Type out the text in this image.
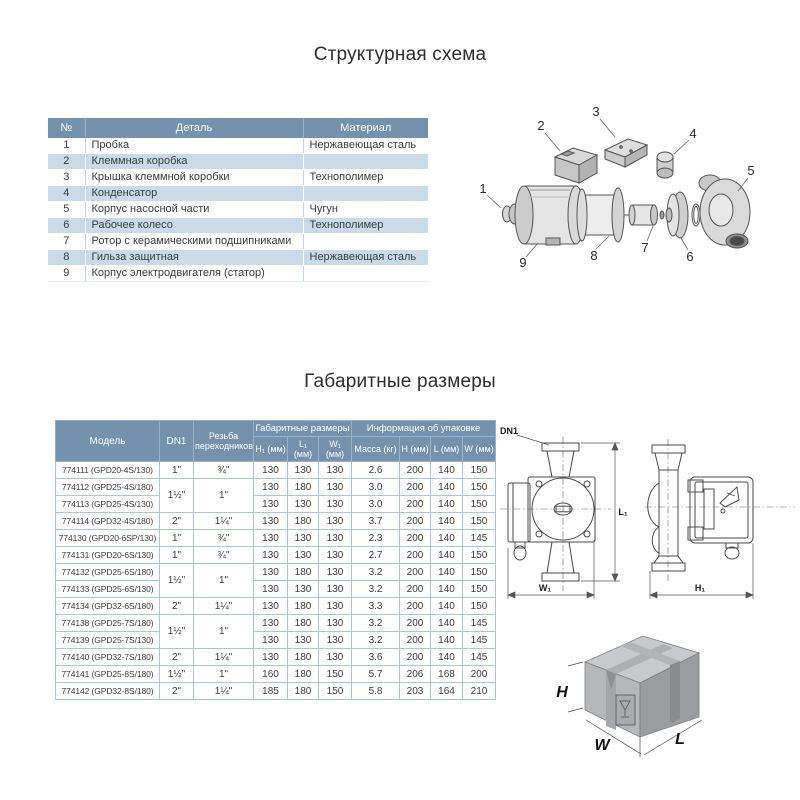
Структурная схема
№	Деталь	Материал
1	Пробка	Нержавеющая сталь
2	Клеммная коробка	
3	Крышка клеммной коробки	Технополимер
4	Конденсатор	
5	Корпус насосной части	Чугун
6	Рабочее колесо	Технополимер
7	Ротор с керамическими подшипниками	
8	Гильза защитная	Нержавеющая сталь
9	Корпус электродвигателя (статор)	
1
2
3
4
5
6
7
8
9
Габаритные размеры
Модель	DN1	Резьба переходников	Габаритные размеры			Информация об упаковке			
			H₁ (мм)	L₁ (мм)	W₁ (мм)	Масса (кг)	H (мм)	L (мм)	W (мм)
774111 (GPD20-4S/130)	1"	¾"	130	130	130	2.6	200	140	150
774112 (GPD25-4S/180)	1½"	1"	130	180	130	3.0	200	140	150
774113 (GPD25-4S/130)			130	130	130	3.0	200	140	150
774114 (GPD32-4S/180)	2"	1¼"	130	180	130	3.7	200	140	150
774130 (GPD20-6SP/130)	1"	¾"	130	130	130	2.3	200	140	145
774131 (GPD20-6S/130)	1"	¾"	130	130	130	2.7	200	140	150
774132 (GPD25-6S/180)	1½"	1"	130	180	130	3.2	200	140	150
774133 (GPD25-6S/130)			130	130	130	3.2	200	140	150
774134 (GPD32-6S/180)	2"	1¼"	130	180	130	3.3	200	140	150
774138 (GPD25-7S/180)	1½"	1"	130	180	130	3.2	200	140	145
774139 (GPD25-7S/130)			130	130	130	3.2	200	140	145
774140 (GPD32-7S/180)	2"	1¼"	130	180	130	3.6	200	140	145
774141 (GPD25-8S/180)	1½"	1"	160	180	150	5.7	206	168	200
774142 (GPD32-8S/180)	2"	1¼"	185	180	150	5.8	203	164	210
DN1
L₁
W₁	H₁
H
W	L
